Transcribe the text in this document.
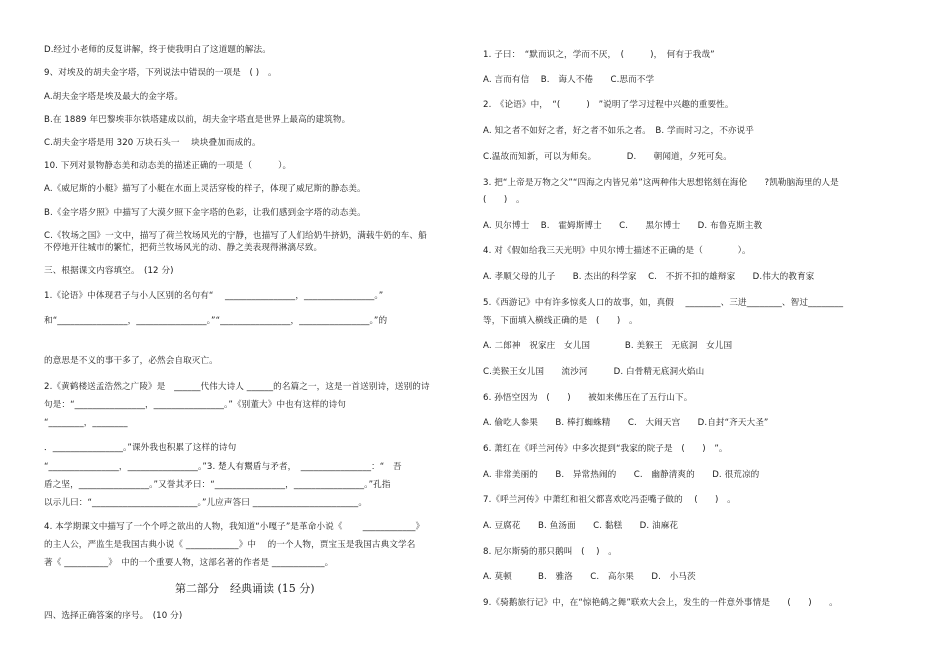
D.经过小老师的反复讲解，终于使我明白了这道题的解法。
9、对埃及的胡夫金字塔，下列说法中错误的一项是　( )　。
A.胡夫金字塔是埃及最大的金字塔。
B.在 1889 年巴黎埃菲尔铁塔建成以前，胡夫金字塔直是世界上最高的建筑物。
C.胡夫金字塔是用 320 万块石头一　 块块叠加而成的。
10. 下列对景物静态美和动态美的描述正确的一项是（　　　）。
A.《威尼斯的小艇》描写了小艇在水面上灵活穿梭的样子，体现了威尼斯的静态美。
B.《金字塔夕照》中描写了大漠夕照下金字塔的色彩，让我们感到金字塔的动态美。
C.《牧场之国》一文中，描写了荷兰牧场风光的宁静，也描写了人们给奶牛挤奶，满载牛奶的车、船
不停地开往城市的繁忙，把荷兰牧场风光的动、静之美表现得淋漓尽致。
三、根据课文内容填空。　(12 分)
1.《论语》中体现君子与小人区别的名句有“　 ________________，________________。”
和“________________，________________。”“________________，________________。”的
的意思是不义的事干多了，必然会自取灭亡。
2.《黄鹤楼送孟浩然之广陵》是　______代伟大诗人 ______的名篇之一，这是一首送别诗，送别的诗
句是：“________________，________________。”《别董大》中也有这样的诗句
“________，________
．________________。”课外我也积累了这样的诗句
“________________，________________。”3. 楚人有鬻盾与矛者，　________________：“　吾
盾之坚，________________。”又誉其矛曰：“________________，________________。”孔指
以示儿曰：“________________________。”儿应声答曰 ________________________。
4. 本学期课文中描写了一个个呼之欲出的人物，我知道“小嘎子”是革命小说《　　 ____________》
的主人公，严监生是我国古典小说《 ____________》中　 的一个人物，贾宝玉是我国古典文学名
著《 __________》　中的一个重要人物，这部名著的作者是 ____________。
四、选择正确答案的序号。　(10 分)
第二部分　经典诵读 (15 分)
1. 子曰：　“默而识之，学而不厌，　(　　　)，　何有于我哉”
A. 言而有信　 B.　诲人不倦　　C.思而不学
2.　《论语》中，　“(　　　)　”说明了学习过程中兴趣的重要性。
A. 知之者不如好之者，好之者不如乐之者。　B. 学而时习之，不亦说乎
C.温故而知新，可以为师矣。　　　　D.　　朝闻道，夕死可矣。
3. 把“上帝是万物之父”“四海之内皆兄弟”这两种伟大思想铭刻在海伦　　?凯勒脑海里的人是
(　　)　。
A. 贝尔博士　 B.　霍姆斯博士　　C.　　黑尔博士　　D. 布鲁克斯主教
4. 对《假如给我三天光明》中贝尔博士描述不正确的是（　　　　）。
A. 孝顺父母的儿子　　B. 杰出的科学家　 C.　不折不扣的雄辩家　　D.伟大的教育家
5.《西游记》中有许多惊炙人口的故事，如，真假　 ________、三进________、智过________
等，下面填入横线正确的是　(　　)　。
A. 二郎神　祝家庄　女儿国　　　　B. 美猴王　无底洞　女儿国
C.美猴王女儿国　　流沙河　　　D. 白骨精无底洞火焰山
6. 孙悟空因为　(　　)　　被如来佛压在了五行山下。
A. 偷吃人参果　　B. 棒打蜘蛛精　　C.　大闹天宫　　D.自封“齐天大圣”
6. 萧红在《呼兰河传》中多次提到“我家的院子是　(　　)　”。
A. 非常美丽的　　B.　异常热闹的　　C.　幽静清爽的　　D. 很荒凉的
7.《呼兰河传》中萧红和祖父都喜欢吃冯歪嘴子做的　 (　　)　。
A. 豆腐花　　B. 鱼汤面　　C. 黏糕　　D. 油麻花
8. 尼尔斯骑的那只鹅叫　(　 )　。
A. 莫顿　　　B.　雅洛　　C.　高尔果　　D.　小马茨
9.《骑鹅旅行记》中，在“惊艳鹤之舞”联欢大会上，发生的一件意外事情是　　(　　)　　。
